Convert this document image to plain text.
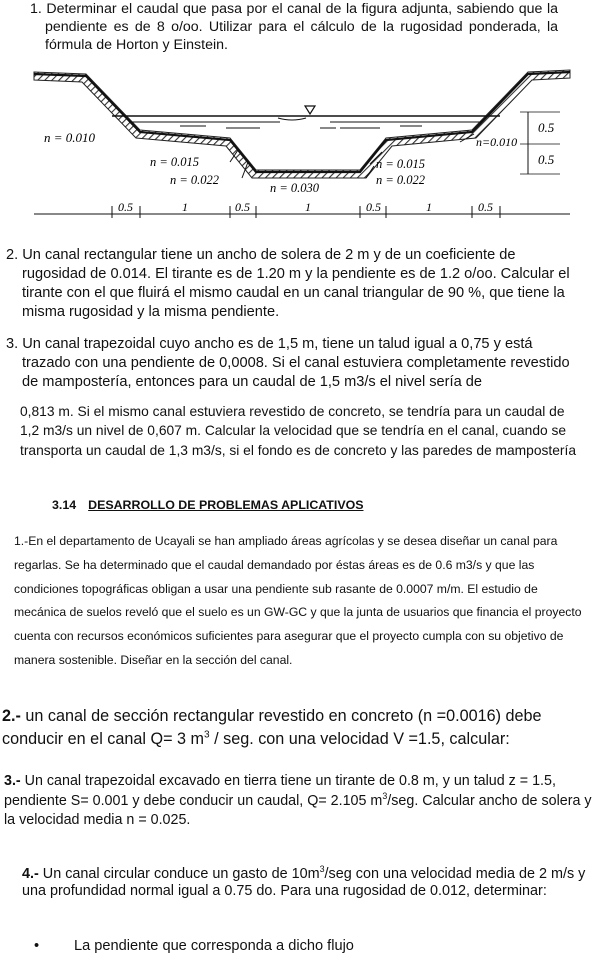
1. Determinar el caudal que pasa por el canal de la figura adjunta, sabiendo que la pendiente es de 8 o/oo. Utilizar para el cálculo de la rugosidad ponderada, la fórmula de Horton y Einstein.
0.5
0.5
n = 0.010	n=0.010
n = 0.015
n = 0.022
n = 0.015
n = 0.022
n = 0.030
0.5	1	0.5	1	0.5	1	0.5
2. Un canal rectangular tiene un ancho de solera de 2 m y de un coeficiente de rugosidad de 0.014. El tirante es de 1.20 m y la pendiente es de 1.2 o/oo. Calcular el tirante con el que fluirá el mismo caudal en un canal triangular de 90 %, que tiene la misma rugosidad y la misma pendiente.
3. Un canal trapezoidal cuyo ancho es de 1,5 m, tiene un talud igual a 0,75 y está trazado con una pendiente de 0,0008. Si el canal estuviera completamente revestido de mampostería, entonces para un caudal de 1,5 m3/s el nivel sería de
0,813 m. Si el mismo canal estuviera revestido de concreto, se tendría para un caudal de 1,2 m3/s un nivel de 0,607 m. Calcular la velocidad que se tendría en el canal, cuando se transporta un caudal de 1,3 m3/s, si el fondo es de concreto y las paredes de mampostería
3.14 DESARROLLO DE PROBLEMAS APLICATIVOS
1.-En el departamento de Ucayali se han ampliado áreas agrícolas y se desea diseñar un canal para regarlas. Se ha determinado que el caudal demandado por éstas áreas es de 0.6 m3/s y que las condiciones topográficas obligan a usar una pendiente sub rasante de 0.0007 m/m. El estudio de mecánica de suelos reveló que el suelo es un GW-GC y que la junta de usuarios que financia el proyecto cuenta con recursos económicos suficientes para asegurar que el proyecto cumpla con su objetivo de manera sostenible. Diseñar en la sección del canal.
2.- un canal de sección rectangular revestido en concreto (n =0.0016) debe conducir en el canal Q= 3 $m^3$ / seg. con una velocidad V =1.5, calcular:
3.- Un canal trapezoidal excavado en tierra tiene un tirante de 0.8 m, y un talud z = 1.5, pendiente S= 0.001 y debe conducir un caudal, Q= 2.105 $m^3$/seg. Calcular ancho de solera y la velocidad media n = 0.025.
4.- Un canal circular conduce un gasto de $10m^3$/seg con una velocidad media de 2 m/s y una profundidad normal igual a 0.75 do. Para una rugosidad de 0.012, determinar:
• La pendiente que corresponda a dicho flujo
